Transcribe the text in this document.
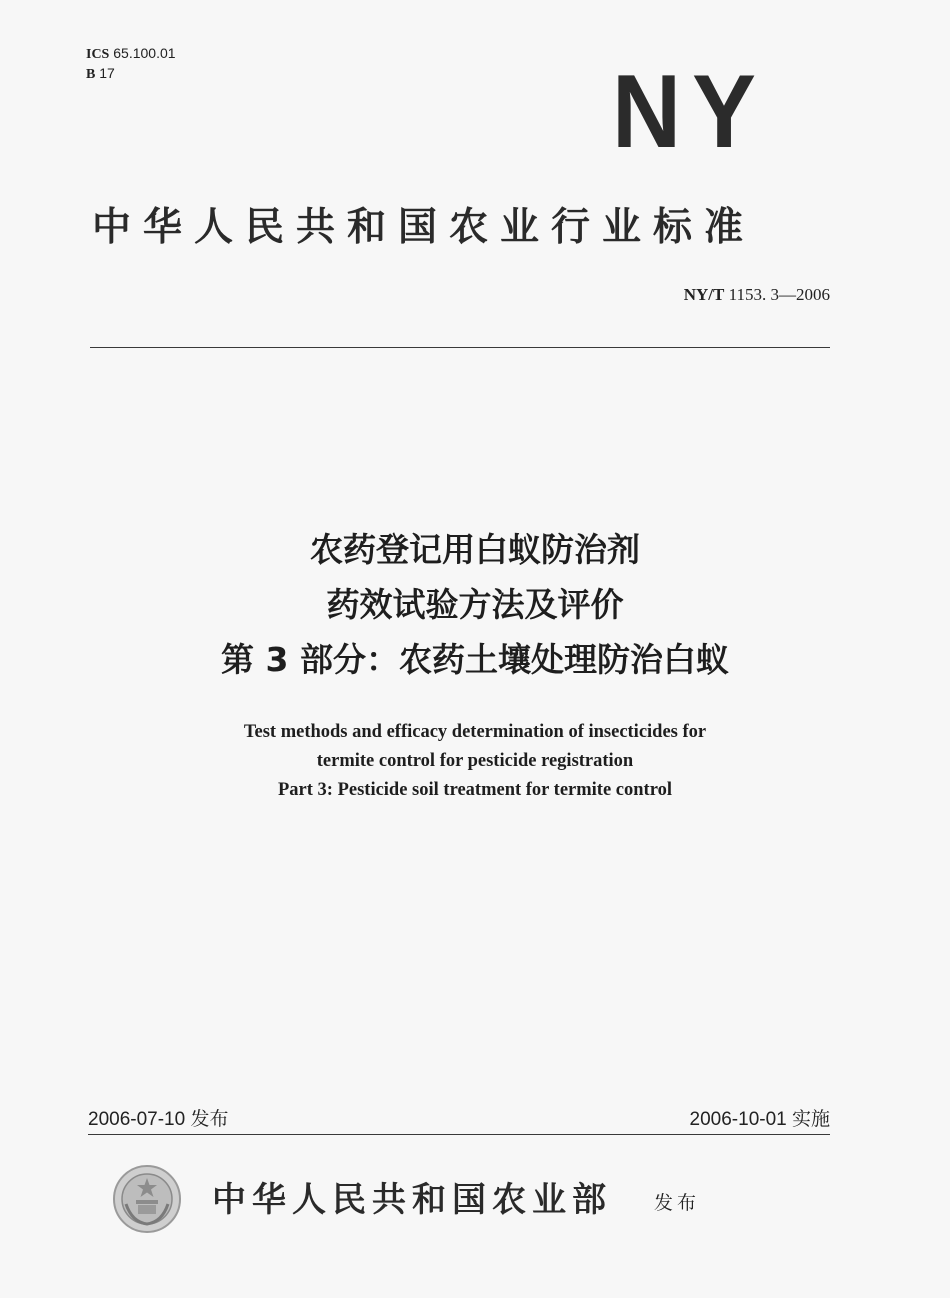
ICS 65.100.01
B 17	NY
中华人民共和国农业行业标准
NY/T 1153. 3—2006
农药登记用白蚁防治剂
药效试验方法及评价
第 3 部分：农药土壤处理防治白蚁
Test methods and efficacy determination of insecticides for
termite control for pesticide registration
Part 3: Pesticide soil treatment for termite control
2006-07-10 发布	2006-10-01 实施
中华人民共和国农业部 发布
